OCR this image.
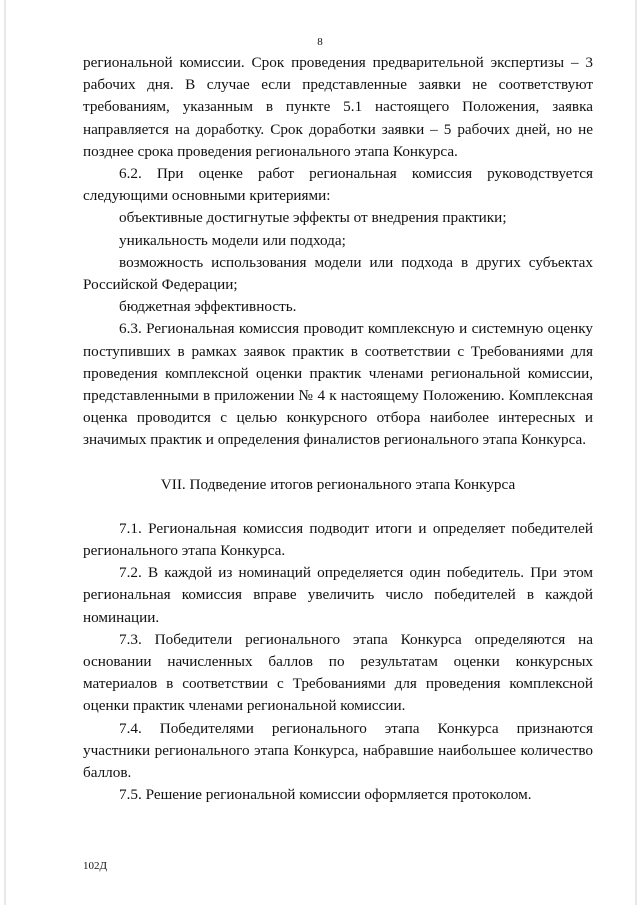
8

региональной комиссии. Срок проведения предварительной экспертизы – 3 рабочих дня. В случае если представленные заявки не соответствуют требованиям, указанным в пункте 5.1 настоящего Положения, заявка направляется на доработку. Срок доработки заявки – 5 рабочих дней, но не позднее срока проведения регионального этапа Конкурса.

6.2. При оценке работ региональная комиссия руководствуется следующими основными критериями:

объективные достигнутые эффекты от внедрения практики;

уникальность модели или подхода;

возможность использования модели или подхода в других субъектах Российской Федерации;

бюджетная эффективность.

6.3. Региональная комиссия проводит комплексную и системную оценку поступивших в рамках заявок практик в соответствии с Требованиями для проведения комплексной оценки практик членами региональной комиссии, представленными в приложении № 4 к настоящему Положению. Комплексная оценка проводится с целью конкурсного отбора наиболее интересных и значимых практик и определения финалистов регионального этапа Конкурса.

VII. Подведение итогов регионального этапа Конкурса

7.1. Региональная комиссия подводит итоги и определяет победителей регионального этапа Конкурса.

7.2. В каждой из номинаций определяется один победитель. При этом региональная комиссия вправе увеличить число победителей в каждой номинации.

7.3. Победители регионального этапа Конкурса определяются на основании начисленных баллов по результатам оценки конкурсных материалов в соответствии с Требованиями для проведения комплексной оценки практик членами региональной комиссии.

7.4. Победителями регионального этапа Конкурса признаются участники регионального этапа Конкурса, набравшие наибольшее количество баллов.

7.5. Решение региональной комиссии оформляется протоколом.

102Д
